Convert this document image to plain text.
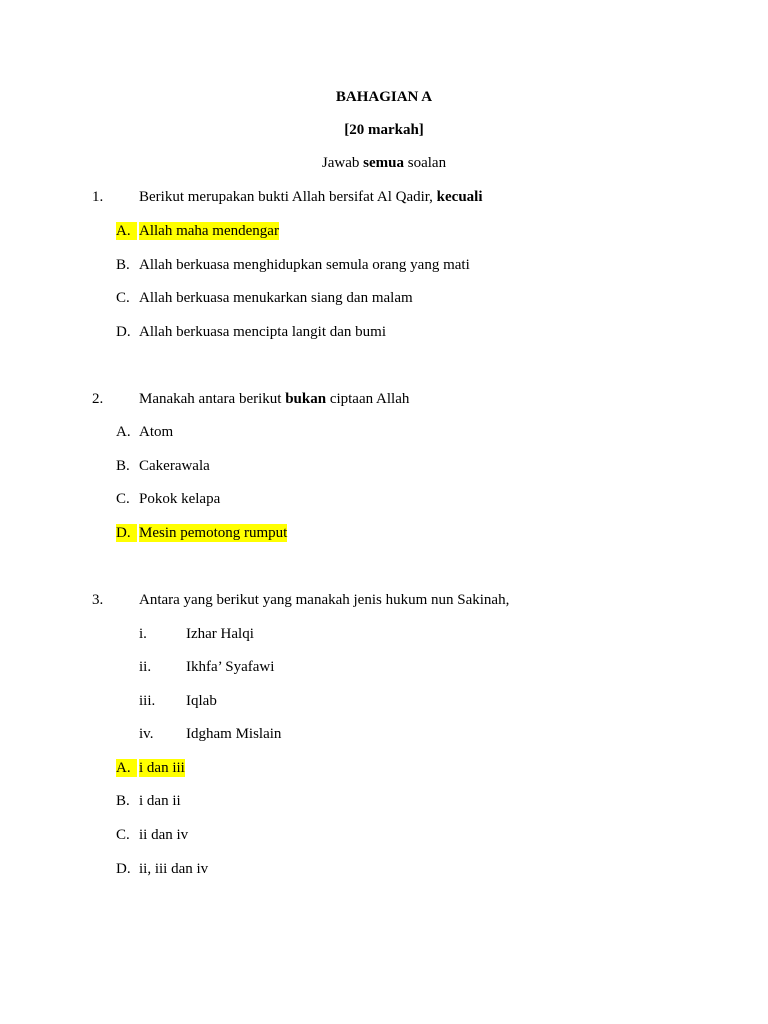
BAHAGIAN A
[20 markah]
Jawab semua soalan
1. Berikut merupakan bukti Allah bersifat Al Qadir, kecuali
A. Allah maha mendengar
B. Allah berkuasa menghidupkan semula orang yang mati
C. Allah berkuasa menukarkan siang dan malam
D. Allah berkuasa mencipta langit dan bumi
2. Manakah antara berikut bukan ciptaan Allah
A. Atom
B. Cakerawala
C. Pokok kelapa
D. Mesin pemotong rumput
3. Antara yang berikut yang manakah jenis hukum nun Sakinah,
i.	Izhar Halqi
ii. Ikhfa’ Syafawi
iii. Iqlab
iv. Idgham Mislain
A. i dan iii
B. i dan ii
C. ii dan iv
D. ii, iii dan iv
